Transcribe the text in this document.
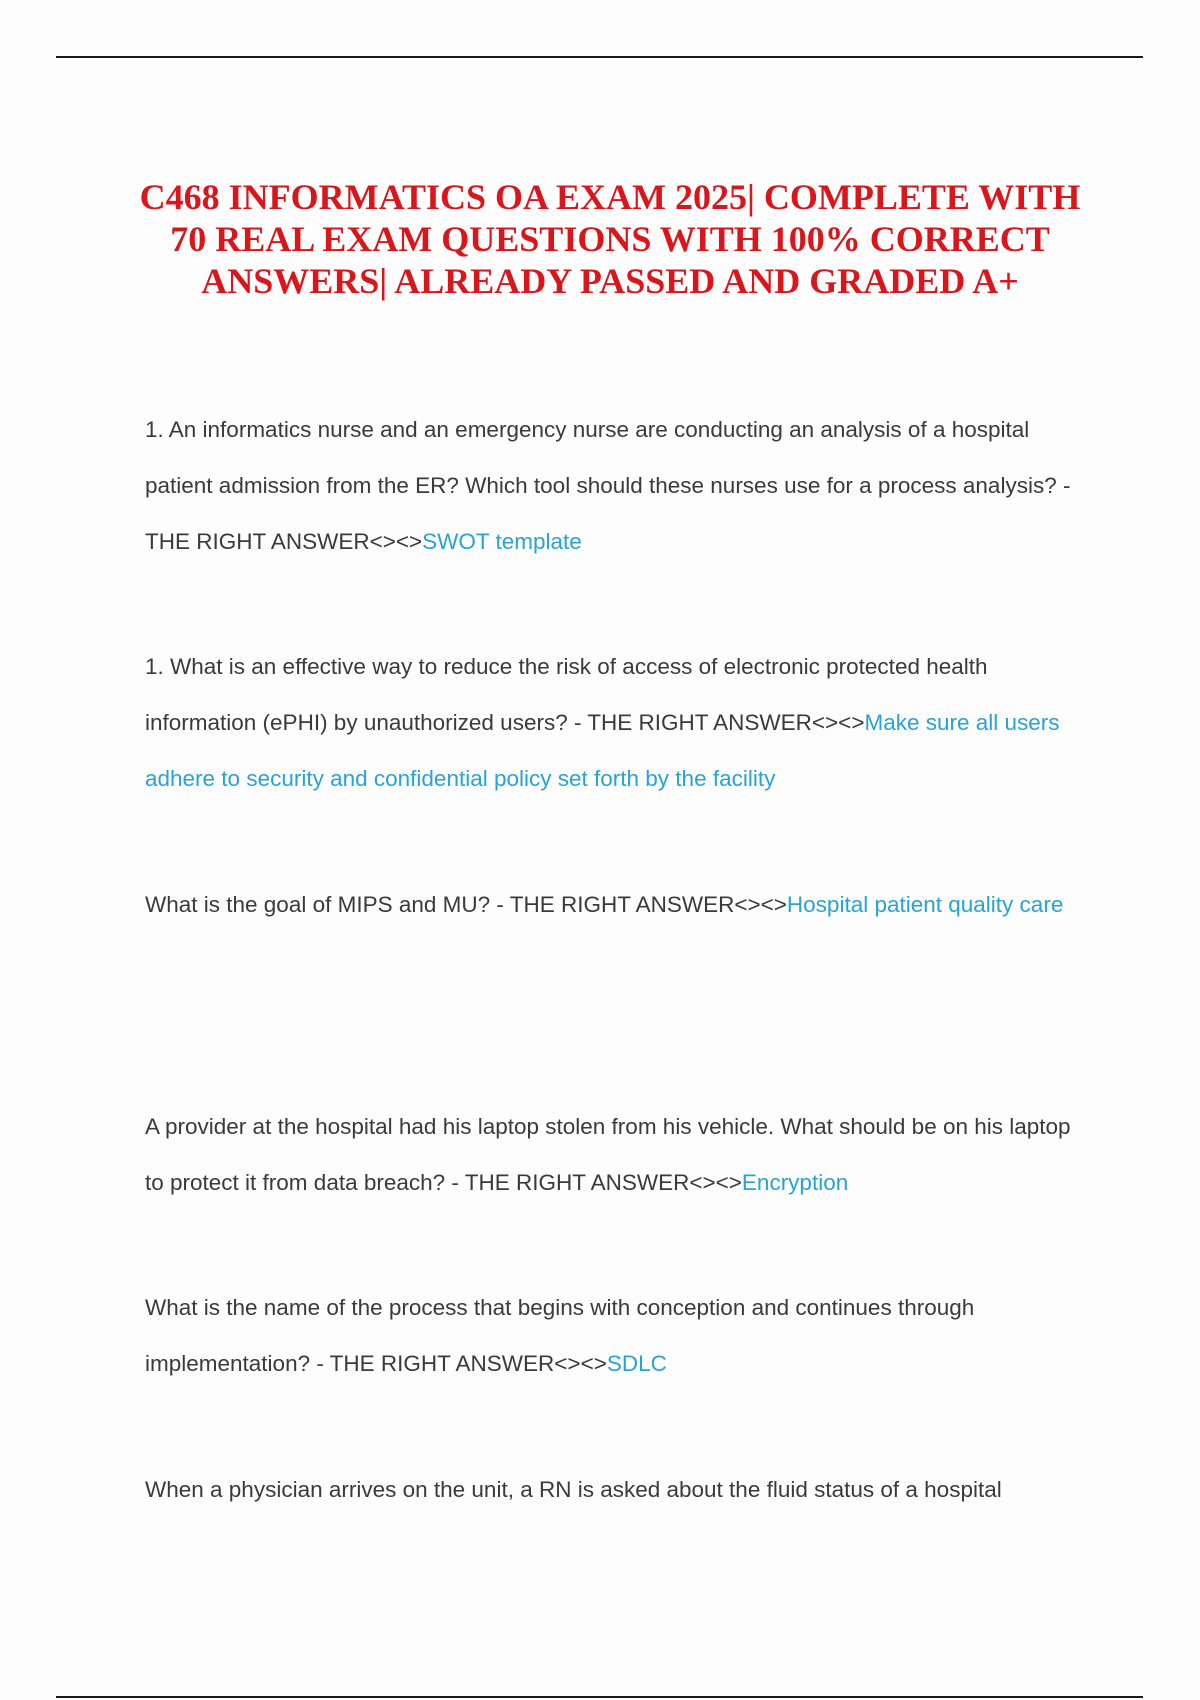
C468 INFORMATICS OA EXAM 2025| COMPLETE WITH 70 REAL EXAM QUESTIONS WITH 100% CORRECT ANSWERS| ALREADY PASSED AND GRADED A+

1. An informatics nurse and an emergency nurse are conducting an analysis of a hospital patient admission from the ER? Which tool should these nurses use for a process analysis? - THE RIGHT ANSWER<><>SWOT template

1. What is an effective way to reduce the risk of access of electronic protected health information (ePHI) by unauthorized users? - THE RIGHT ANSWER<><>Make sure all users adhere to security and confidential policy set forth by the facility

What is the goal of MIPS and MU? - THE RIGHT ANSWER<><>Hospital patient quality care

A provider at the hospital had his laptop stolen from his vehicle. What should be on his laptop to protect it from data breach? - THE RIGHT ANSWER<><>Encryption

What is the name of the process that begins with conception and continues through implementation? - THE RIGHT ANSWER<><>SDLC

When a physician arrives on the unit, a RN is asked about the fluid status of a hospital
